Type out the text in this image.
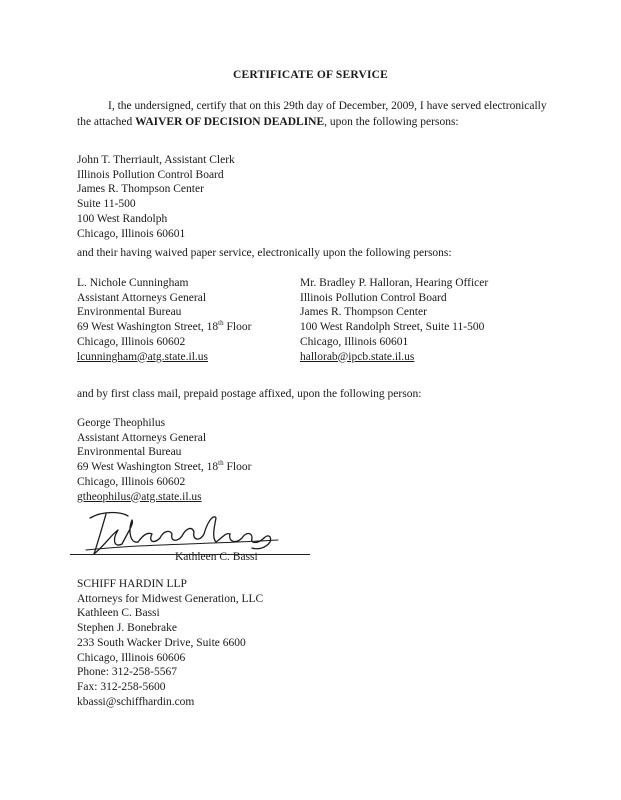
CERTIFICATE OF SERVICE
I, the undersigned, certify that on this 29th day of December, 2009, I have served electronically the attached WAIVER OF DECISION DEADLINE, upon the following persons:
John T. Therriault, Assistant Clerk
Illinois Pollution Control Board
James R. Thompson Center
Suite 11-500
100 West Randolph
Chicago, Illinois 60601
and their having waived paper service, electronically upon the following persons:
L. Nichole Cunningham
Assistant Attorneys General
Environmental Bureau
69 West Washington Street, 18th Floor
Chicago, Illinois 60602
lcunningham@atg.state.il.us
Mr. Bradley P. Halloran, Hearing Officer
Illinois Pollution Control Board
James R. Thompson Center
100 West Randolph Street, Suite 11-500
Chicago, Illinois 60601
hallorab@ipcb.state.il.us
and by first class mail, prepaid postage affixed, upon the following person:
George Theophilus
Assistant Attorneys General
Environmental Bureau
69 West Washington Street, 18th Floor
Chicago, Illinois 60602
gtheophilus@atg.state.il.us
Kathleen C. Bassi
SCHIFF HARDIN LLP
Attorneys for Midwest Generation, LLC
Kathleen C. Bassi
Stephen J. Bonebrake
233 South Wacker Drive, Suite 6600
Chicago, Illinois 60606
Phone: 312-258-5567
Fax: 312-258-5600
kbassi@schiffhardin.com
